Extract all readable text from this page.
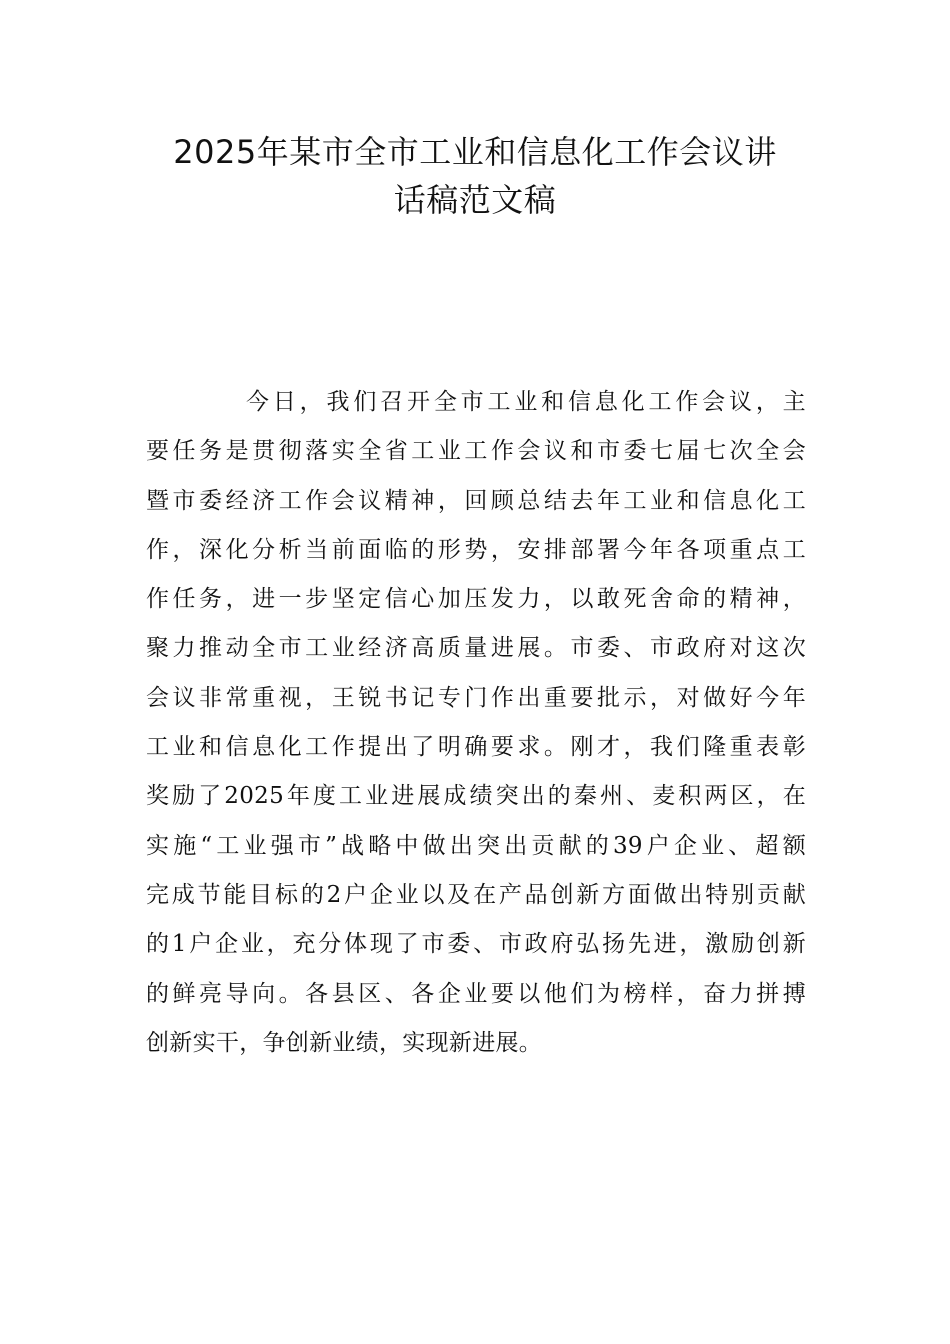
2025年某市全市工业和信息化工作会议讲
话稿范文稿
今日，我们召开全市工业和信息化工作会议，主
要任务是贯彻落实全省工业工作会议和市委七届七次全会
暨市委经济工作会议精神，回顾总结去年工业和信息化工
作，深化分析当前面临的形势，安排部署今年各项重点工
作任务，进一步坚定信心加压发力，以敢死舍命的精神，
聚力推动全市工业经济高质量进展。市委、市政府对这次
会议非常重视，王锐书记专门作出重要批示，对做好今年
工业和信息化工作提出了明确要求。刚才，我们隆重表彰
奖励了2025年度工业进展成绩突出的秦州、麦积两区，在
实施“工业强市”战略中做出突出贡献的39户企业、超额
完成节能目标的2户企业以及在产品创新方面做出特别贡献
的1户企业，充分体现了市委、市政府弘扬先进，激励创新
的鲜亮导向。各县区、各企业要以他们为榜样，奋力拼搏
创新实干，争创新业绩，实现新进展。
